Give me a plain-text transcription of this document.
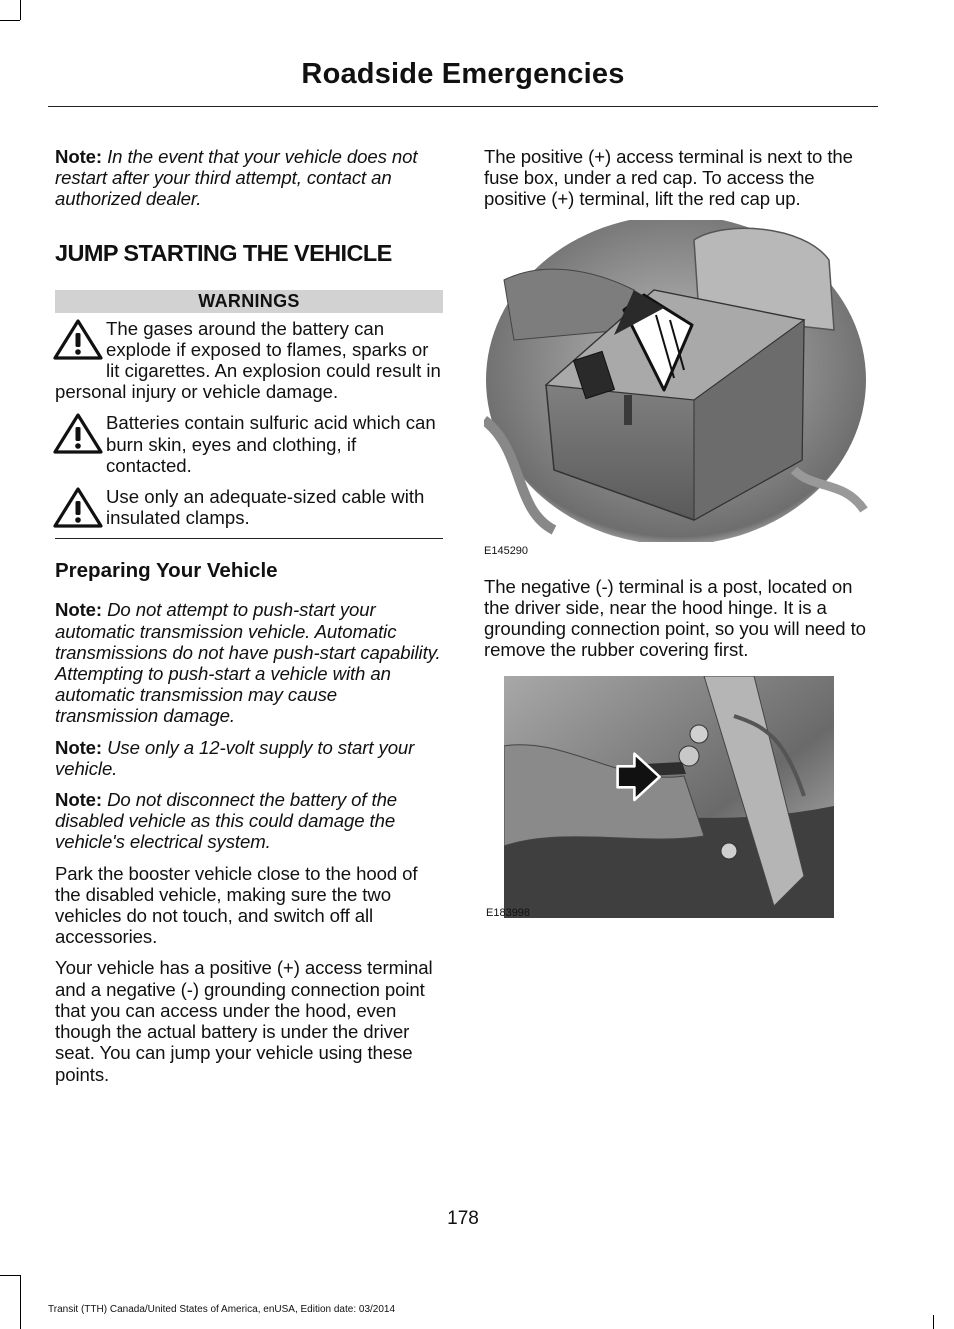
Roadside Emergencies

Note: In the event that your vehicle does not restart after your third attempt, contact an authorized dealer.

JUMP STARTING THE VEHICLE
WARNINGS
The gases around the battery can explode if exposed to flames, sparks or lit cigarettes. An explosion could result in personal injury or vehicle damage.
Batteries contain sulfuric acid which can burn skin, eyes and clothing, if contacted.
Use only an adequate-sized cable with insulated clamps.
Preparing Your Vehicle

Note: Do not attempt to push-start your automatic transmission vehicle. Automatic transmissions do not have push-start capability. Attempting to push-start a vehicle with an automatic transmission may cause transmission damage.

Note: Use only a 12-volt supply to start your vehicle.

Note: Do not disconnect the battery of the disabled vehicle as this could damage the vehicle's electrical system.

Park the booster vehicle close to the hood of the disabled vehicle, making sure the two vehicles do not touch, and switch off all accessories.

Your vehicle has a positive (+) access terminal and a negative (-) grounding connection point that you can access under the hood, even though the actual battery is under the driver seat. You can jump your vehicle using these points.

The positive (+) access terminal is next to the fuse box, under a red cap. To access the positive (+) terminal, lift the red cap up.

E145290

The negative (-) terminal is a post, located on the driver side, near the hood hinge. It is a grounding connection point, so you will need to remove the rubber covering first.

E183998
178
Transit (TTH) Canada/United States of America, enUSA, Edition date: 03/2014
